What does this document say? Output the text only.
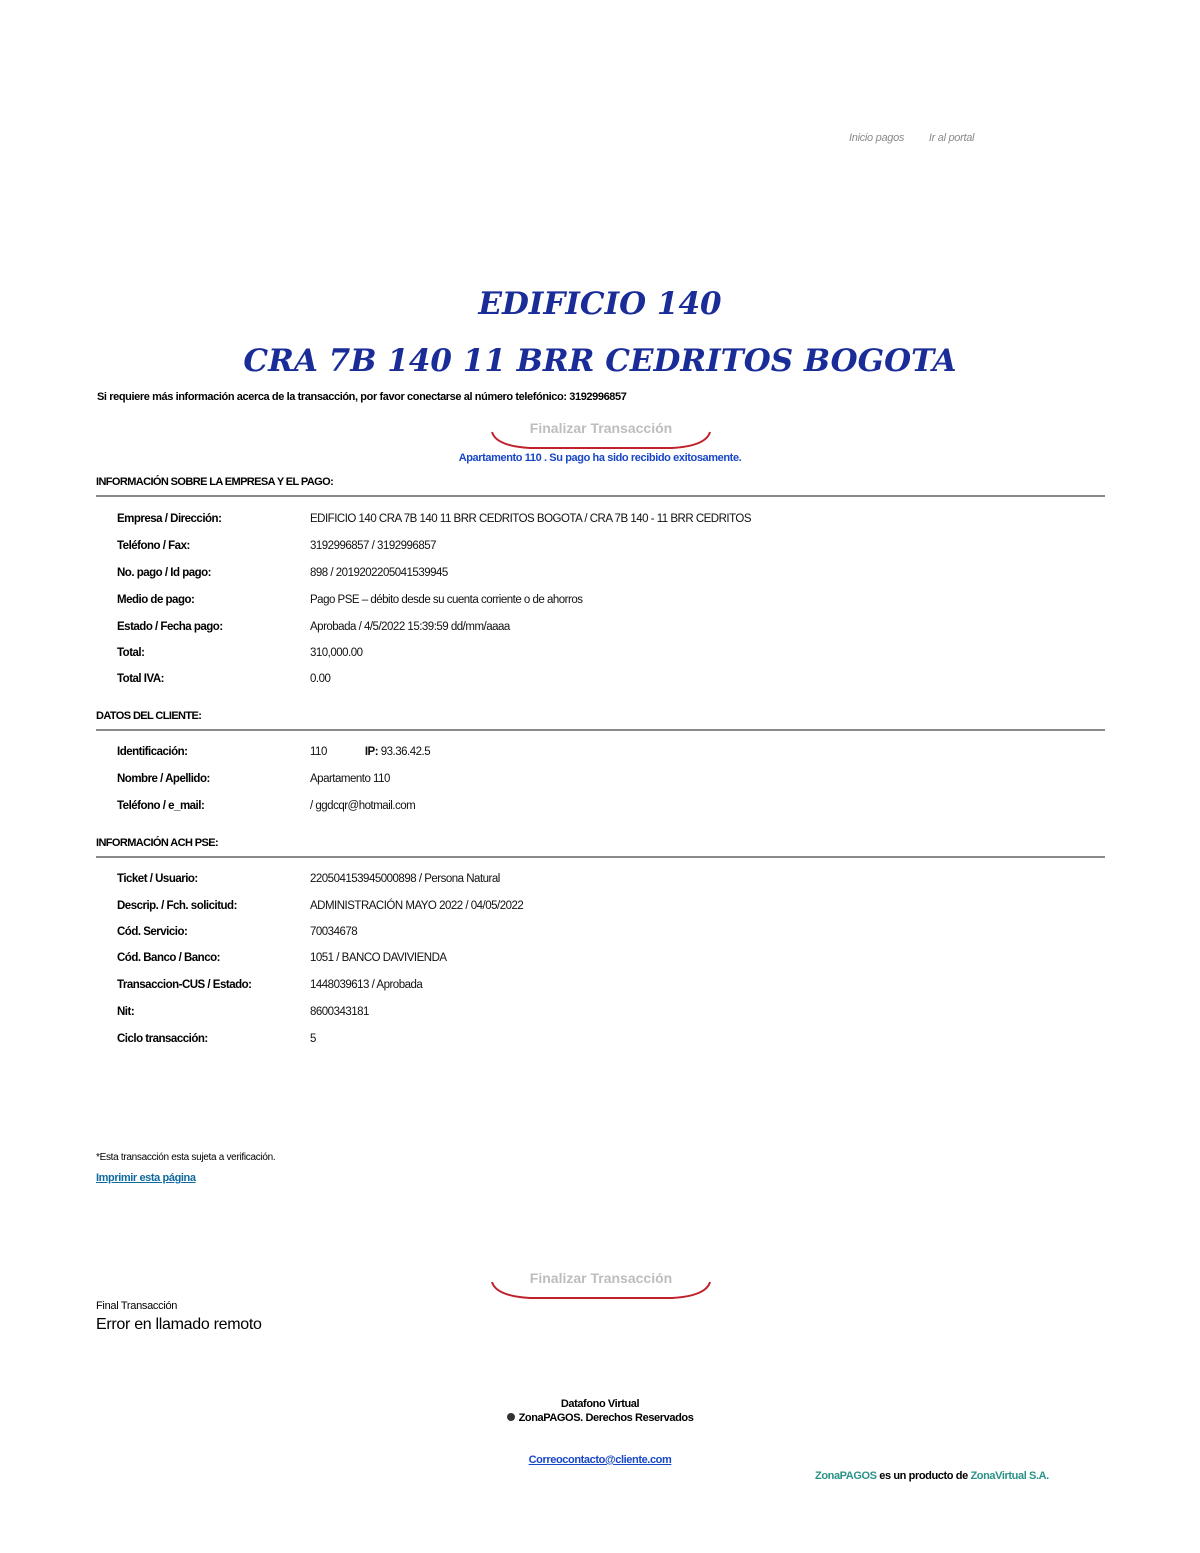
Inicio pagos Ir al portal
EDIFICIO 140
CRA 7B 140 11 BRR CEDRITOS BOGOTA
Si requiere más información acerca de la transacción, por favor conectarse al número telefónico: 3192996857
Finalizar Transacción
Apartamento 110 . Su pago ha sido recibido exitosamente.
INFORMACIÓN SOBRE LA EMPRESA Y EL PAGO:
Empresa / Dirección:	EDIFICIO 140 CRA 7B 140 11 BRR CEDRITOS BOGOTA / CRA 7B 140 - 11 BRR CEDRITOS
Teléfono / Fax:	3192996857 / 3192996857
No. pago / Id pago:	898 / 2019202205041539945
Medio de pago:	Pago PSE – débito desde su cuenta corriente o de ahorros
Estado / Fecha pago:	Aprobada / 4/5/2022 15:39:59 dd/mm/aaaa
Total:	310,000.00
Total IVA:	0.00
DATOS DEL CLIENTE:
Identificación:	110	IP: 93.36.42.5
Nombre / Apellido:	Apartamento 110
Teléfono / e_mail:	/ ggdcqr@hotmail.com
INFORMACIÓN ACH PSE:
Ticket / Usuario:	220504153945000898 / Persona Natural
Descrip. / Fch. solicitud:	ADMINISTRACIÓN MAYO 2022 / 04/05/2022
Cód. Servicio:	70034678
Cód. Banco / Banco:	1051 / BANCO DAVIVIENDA
Transaccion-CUS / Estado:	1448039613 / Aprobada
Nit:	8600343181
Ciclo transacción:	5
*Esta transacción esta sujeta a verificación.
Imprimir esta página
Finalizar Transacción
Final Transacción
Error en llamado remoto
Datafono Virtual
ZonaPAGOS. Derechos Reservados
Correocontacto@cliente.com
ZonaPAGOS es un producto de ZonaVirtual S.A.
